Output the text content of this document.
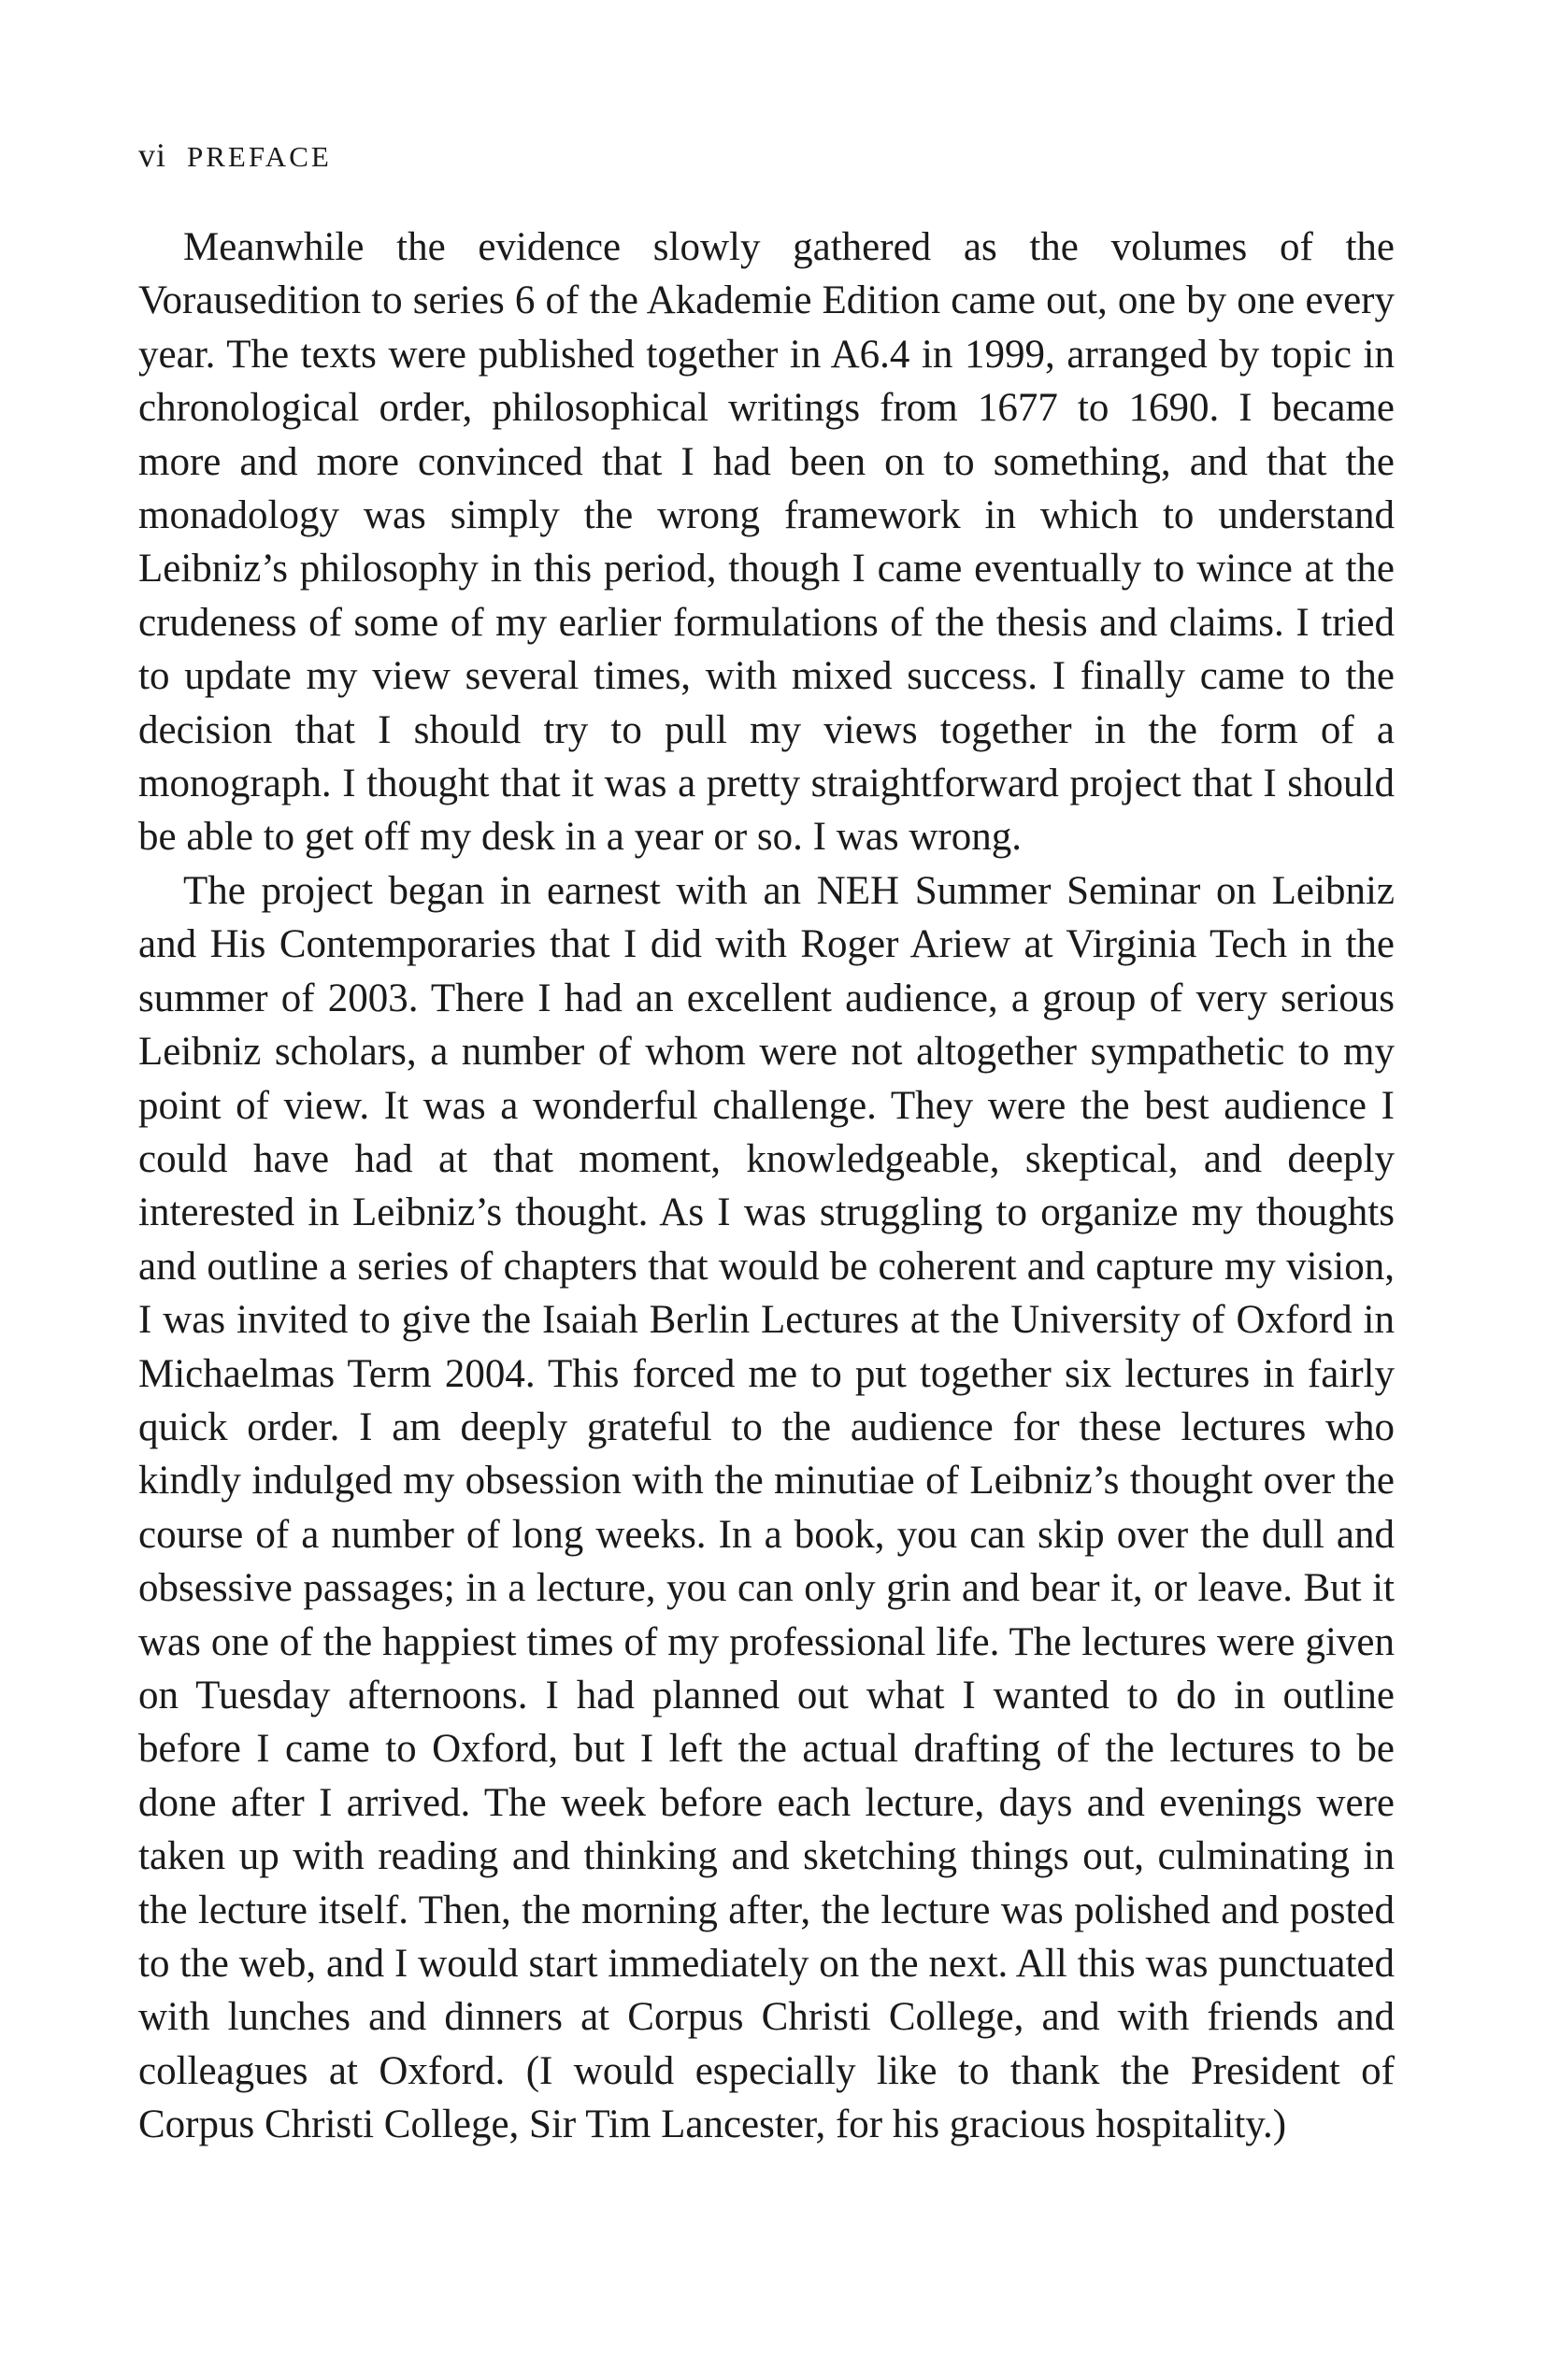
vi PREFACE

Meanwhile the evidence slowly gathered as the volumes of the Vorausedition to series 6 of the Akademie Edition came out, one by one every year. The texts were published together in A6.4 in 1999, arranged by topic in chronological order, philosophical writings from 1677 to 1690. I became more and more convinced that I had been on to something, and that the monadology was simply the wrong framework in which to understand Leibniz’s philosophy in this period, though I came eventually to wince at the crudeness of some of my earlier formulations of the thesis and claims. I tried to update my view several times, with mixed success. I finally came to the decision that I should try to pull my views together in the form of a monograph. I thought that it was a pretty straightforward project that I should be able to get off my desk in a year or so. I was wrong.

The project began in earnest with an NEH Summer Seminar on Leibniz and His Contemporaries that I did with Roger Ariew at Virginia Tech in the summer of 2003. There I had an excellent audience, a group of very serious Leibniz scholars, a number of whom were not altogether sympathetic to my point of view. It was a wonderful challenge. They were the best audience I could have had at that moment, knowledgeable, skeptical, and deeply interested in Leibniz’s thought. As I was struggling to organize my thoughts and outline a series of chapters that would be coherent and capture my vision, I was invited to give the Isaiah Berlin Lectures at the University of Oxford in Michaelmas Term 2004. This forced me to put together six lectures in fairly quick order. I am deeply grateful to the audience for these lectures who kindly indulged my obsession with the minutiae of Leibniz’s thought over the course of a number of long weeks. In a book, you can skip over the dull and obsessive passages; in a lecture, you can only grin and bear it, or leave. But it was one of the happiest times of my professional life. The lectures were given on Tuesday afternoons. I had planned out what I wanted to do in outline before I came to Oxford, but I left the actual drafting of the lectures to be done after I arrived. The week before each lecture, days and evenings were taken up with reading and thinking and sketching things out, culminating in the lecture itself. Then, the morning after, the lecture was polished and posted to the web, and I would start immediately on the next. All this was punctuated with lunches and dinners at Corpus Christi College, and with friends and colleagues at Oxford. (I would especially like to thank the President of Corpus Christi College, Sir Tim Lancester, for his gracious hospitality.)
